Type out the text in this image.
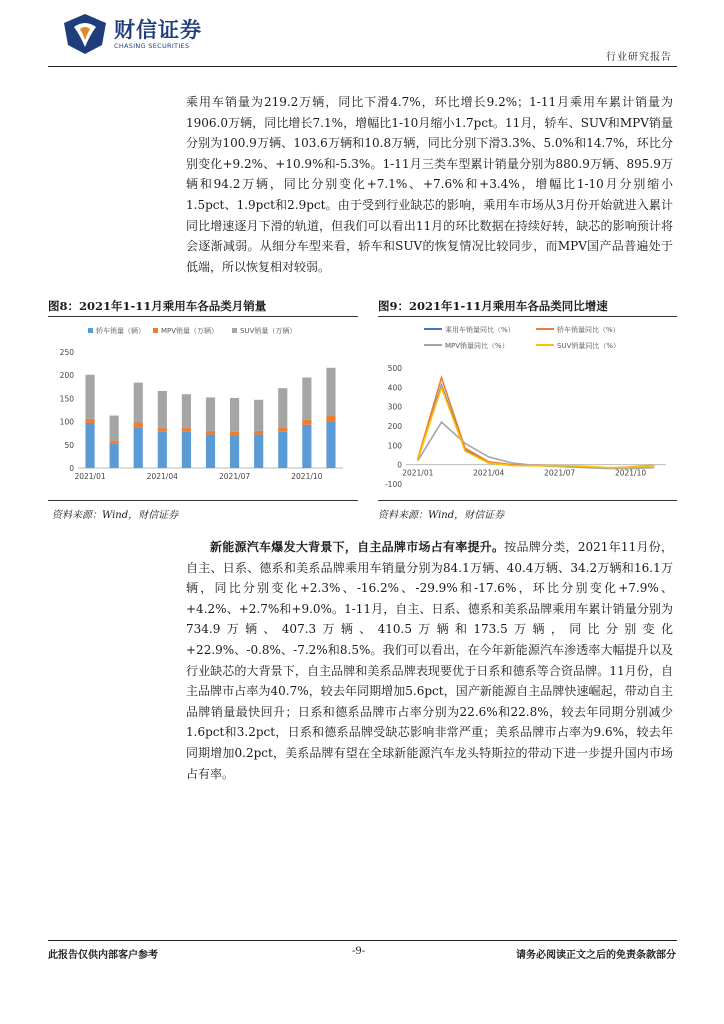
财信证券
CHASING SECURITIES
行业研究报告

乘用车销量为219.2万辆，同比下滑4.7%，环比增长9.2%；1-11月乘用车累计销量为1906.0万辆，同比增长7.1%，增幅比1-10月缩小1.7pct。11月，轿车、SUV和MPV销量分别为100.9万辆、103.6万辆和10.8万辆，同比分别下滑3.3%、5.0%和14.7%，环比分别变化+9.2%、+10.9%和-5.3%。1-11月三类车型累计销量分别为880.9万辆、895.9万辆和94.2万辆，同比分别变化+7.1%、+7.6%和+3.4%，增幅比1-10月分别缩小1.5pct、1.9pct和2.9pct。由于受到行业缺芯的影响，乘用车市场从3月份开始就进入累计同比增速逐月下滑的轨道，但我们可以看出11月的环比数据在持续好转，缺芯的影响预计将会逐渐减弱。从细分车型来看，轿车和SUV的恢复情况比较同步，而MPV国产品普遍处于低端，所以恢复相对较弱。

图8：2021年1-11月乘用车各品类月销量
轿车销量（辆） MPV销量（万辆）	SUV销量（万辆）
0
50
100
150
200
250
2021/01	2021/04	2021/07	2021/10
资料来源：Wind，财信证券
图9：2021年1-11月乘用车各品类同比增速
乘用车销量同比（%）	轿车销量同比（%）
MPV销量同比（%）	SUV销量同比（%）
-100
0
100
200
300
400
500
2021/01	2021/04	2021/07	2021/10
资料来源：Wind，财信证券

新能源汽车爆发大背景下，自主品牌市场占有率提升。按品牌分类，2021年11月份，自主、日系、德系和美系品牌乘用车销量分别为84.1万辆、40.4万辆、34.2万辆和16.1万辆，同比分别变化+2.3%、-16.2%、-29.9%和-17.6%，环比分别变化+7.9%、+4.2%、+2.7%和+9.0%。1-11月，自主、日系、德系和美系品牌乘用车累计销量分别为734.9万辆、407.3万辆、410.5万辆和173.5万辆，同比分别变化+22.9%、-0.8%、-7.2%和8.5%。我们可以看出，在今年新能源汽车渗透率大幅提升以及行业缺芯的大背景下，自主品牌和美系品牌表现要优于日系和德系等合资品牌。11月份，自主品牌市占率为40.7%，较去年同期增加5.6pct，国产新能源自主品牌快速崛起，带动自主品牌销量最快回升；日系和德系品牌市占率分别为22.6%和22.8%，较去年同期分别减少1.6pct和3.2pct，日系和德系品牌受缺芯影响非常严重；美系品牌市占率为9.6%，较去年同期增加0.2pct，美系品牌有望在全球新能源汽车龙头特斯拉的带动下进一步提升国内市场占有率。

此报告仅供内部客户参考	-9-	请务必阅读正文之后的免责条款部分
